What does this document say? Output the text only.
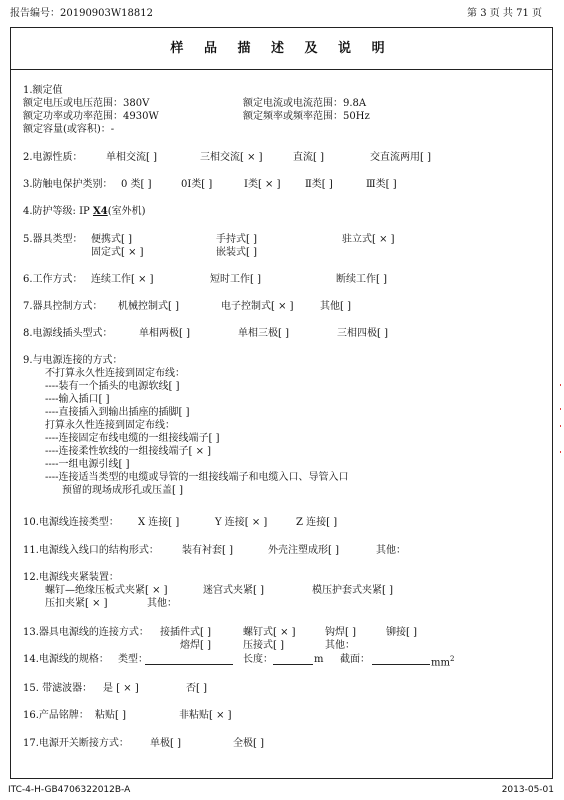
报告编号：20190903W18812	第 3 页 共 71 页
样 品 描 述 及 说 明
1.额定值
额定电压或电压范围：380V	额定电流或电流范围：9.8A
额定功率或功率范围：4930W	额定频率或频率范围：50Hz
额定容量(或容积)：-
2.电源性质： 单相交流[ ]	三相交流[ × ]	直流[ ]	交直流两用[ ]
3.防触电保护类别： 0 类[ ]	0Ⅰ类[ ]	Ⅰ类[ × ] Ⅱ类[ ]	Ⅲ类[ ]
4.防护等级: IP X4(室外机)
5.器具类型： 便携式[ ]	手持式[ ]	驻立式[ × ]
固定式[ × ]	嵌装式[ ]
6.工作方式： 连续工作[ × ]	短时工作[ ]	断续工作[ ]
7.器具控制方式： 机械控制式[ ]	电子控制式[ × ]	其他[ ]
8.电源线插头型式：	单相两极[ ]	单相三极[ ]	三相四极[ ]
9.与电源连接的方式：
不打算永久性连接到固定布线：
----装有一个插头的电源软线[ ]
----输入插口[ ]
----直接插入到输出插座的插脚[ ]
打算永久性连接到固定布线：
----连接固定布线电缆的一组接线端子[ ]
----连接柔性软线的一组接线端子[ × ]
----一组电源引线[ ]
----连接适当类型的电缆或导管的一组接线端子和电缆入口、导管入口
预留的现场成形孔或压盖[ ]
10.电源线连接类型： X 连接[ ]	Y 连接[ × ]	Z 连接[ ]
11.电源线入线口的结构形式： 装有衬套[ ]	外壳注塑成形[ ]	其他：
12.电源线夹紧装置：
螺钉—绝缘压板式夹紧[ × ]	迷宫式夹紧[ ]	模压护套式夹紧[ ]
压扣夹紧[ × ]	其他：
13.器具电源线的连接方式： 接插件式[ ]	螺钉式[ × ]	钩焊[ ]	铆接[ ]
熔焊[ ]	压接式[ ]	其他：
14.电源线的规格： 类型：	长度：	m 截面：	$mm^2$
15. 带滤波器： 是 [ × ]	否[ ]
16.产品铭牌： 粘贴[ ]	非粘贴[ × ]
17.电源开关断接方式： 单极[ ]	全极[ ]
ITC-4-H-GB4706322012B-A	2013-05-01
